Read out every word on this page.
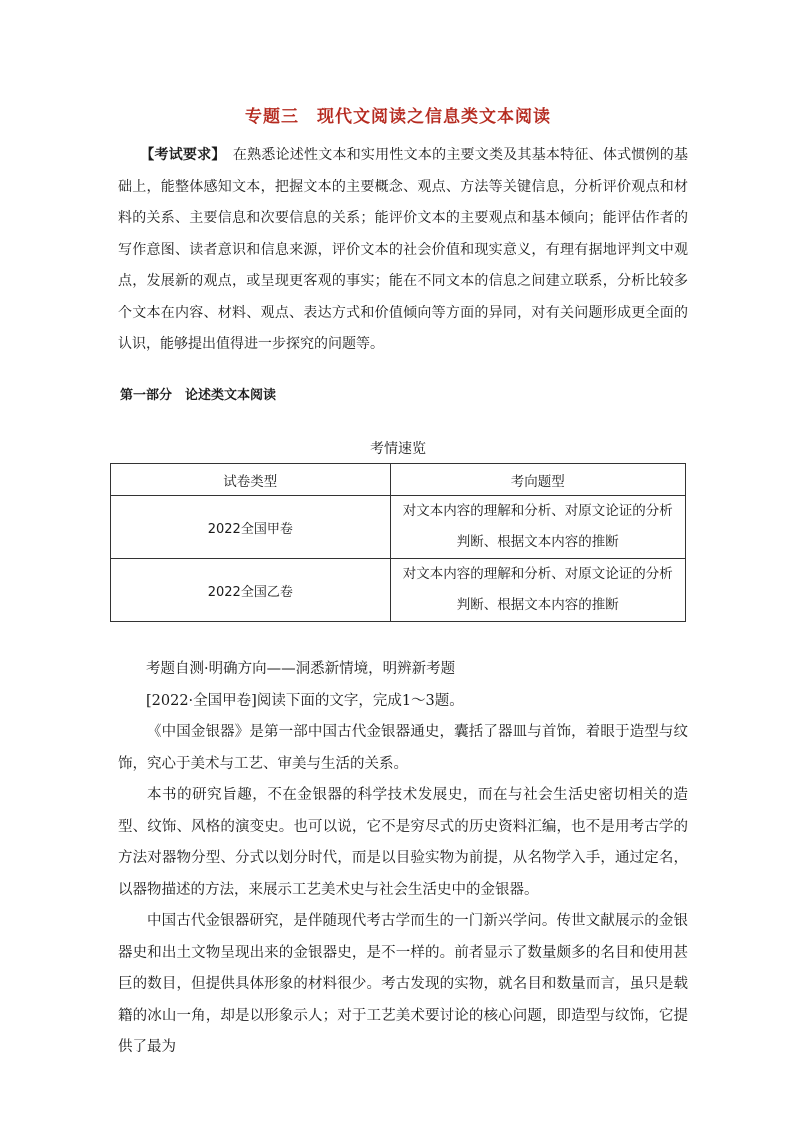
专题三　现代文阅读之信息类文本阅读
【考试要求】　 在熟悉论述性文本和实用性文本的主要文类及其基本特征、体式惯例的基础上，能整体感知文本，把握文本的主要概念、观点、方法等关键信息，分析评价观点和材料的关系、主要信息和次要信息的关系；能评价文本的主要观点和基本倾向；能评估作者的写作意图、读者意识和信息来源，评价文本的社会价值和现实意义，有理有据地评判文中观点，发展新的观点，或呈现更客观的事实；能在不同文本的信息之间建立联系，分析比较多个文本在内容、材料、观点、表达方式和价值倾向等方面的异同，对有关问题形成更全面的认识，能够提出值得进一步探究的问题等。
第一部分　论述类文本阅读
考情速览
试卷类型	考向题型
2022全国甲卷	对文本内容的理解和分析、对原文论证的分析
判断、根据文本内容的推断

2022全国乙卷	对文本内容的理解和分析、对原文论证的分析
判断、根据文本内容的推断

考题自测·明确方向——洞悉新情境，明辨新考题

[2022·全国甲卷]阅读下面的文字，完成1～3题。

《中国金银器》是第一部中国古代金银器通史，囊括了器皿与首饰，着眼于造型与纹饰，究心于美术与工艺、审美与生活的关系。

本书的研究旨趣，不在金银器的科学技术发展史，而在与社会生活史密切相关的造型、纹饰、风格的演变史。也可以说，它不是穷尽式的历史资料汇编，也不是用考古学的方法对器物分型、分式以划分时代，而是以目验实物为前提，从名物学入手，通过定名，以器物描述的方法，来展示工艺美术史与社会生活史中的金银器。

中国古代金银器研究，是伴随现代考古学而生的一门新兴学问。传世文献展示的金银器史和出土文物呈现出来的金银器史，是不一样的。前者显示了数量颇多的名目和使用甚巨的数目，但提供具体形象的材料很少。考古发现的实物，就名目和数量而言，虽只是载籍的冰山一角，却是以形象示人；对于工艺美术要讨论的核心问题，即造型与纹饰，它提供了最为
